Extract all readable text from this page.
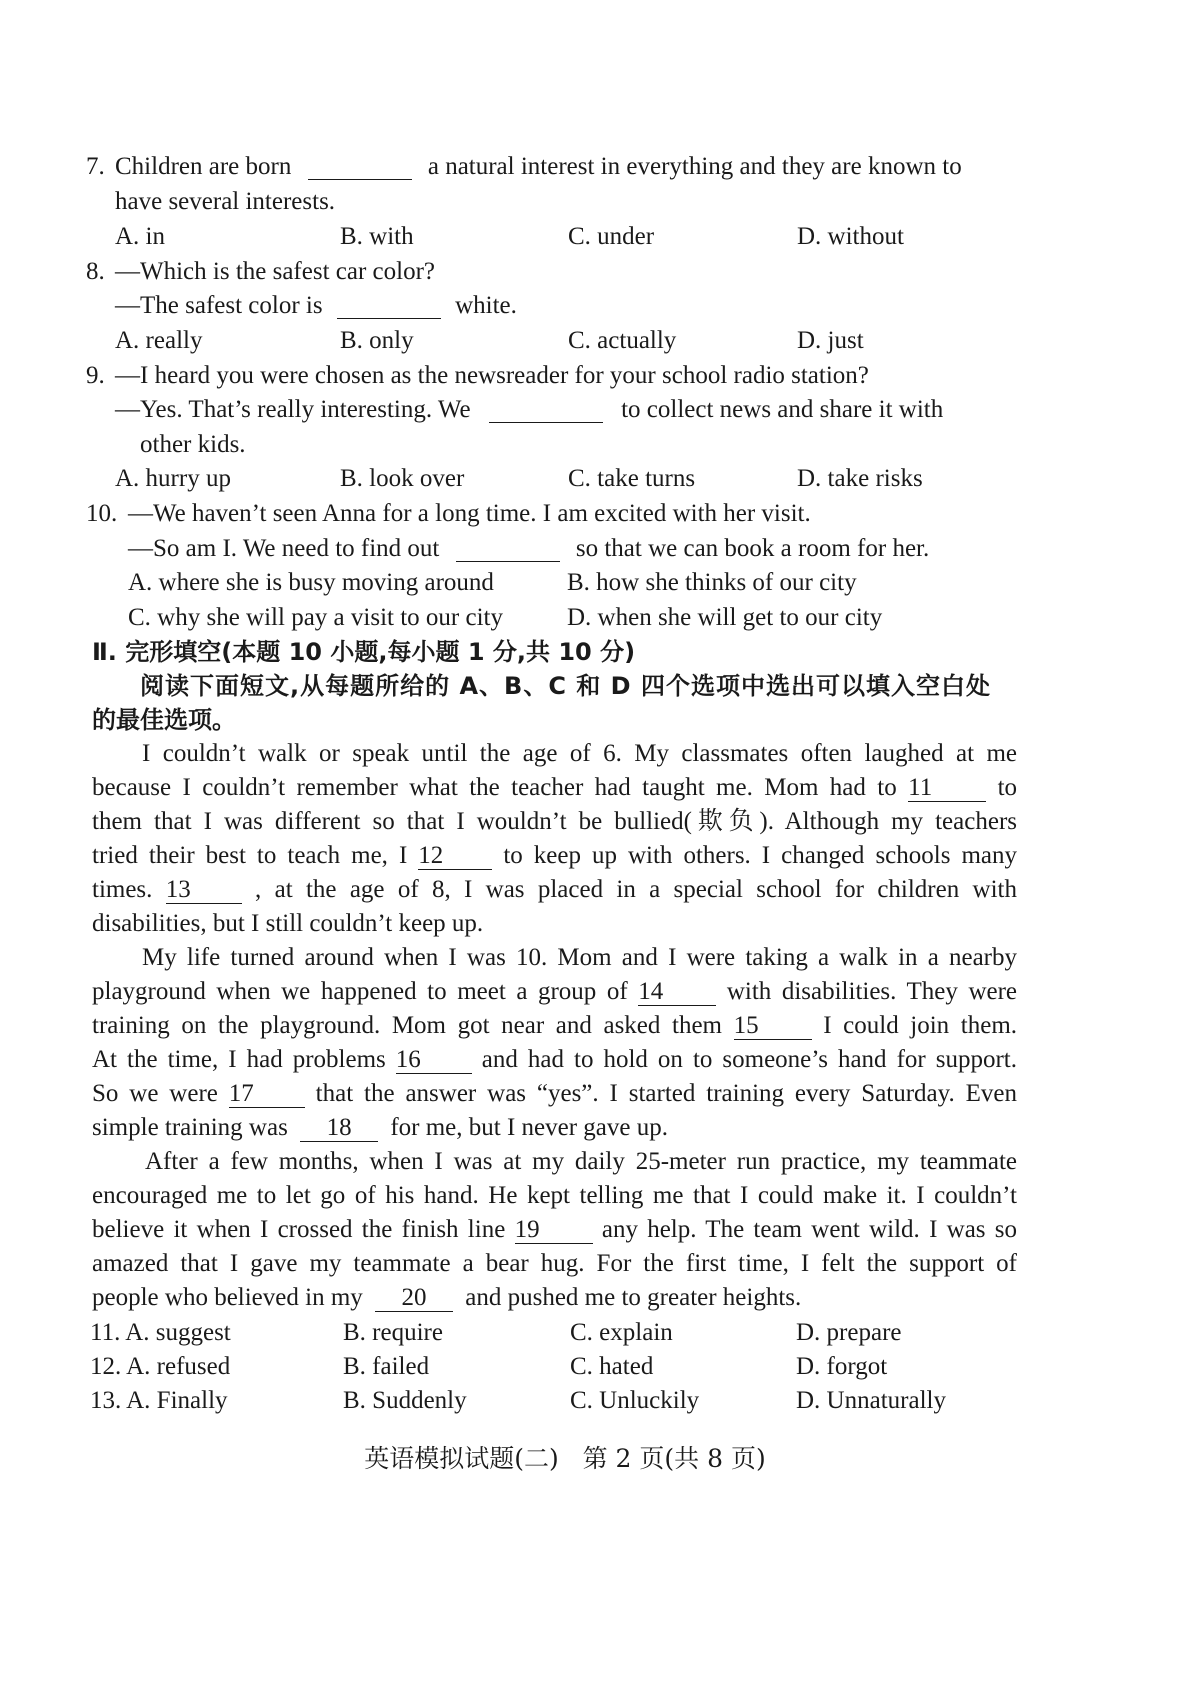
7. Children are born	a natural interest in everything and they are known to
have several interests.
A. in	B. with	C. under	D. without
8. —Which is the safest car color?
—The safest color is	white.
A. really	B. only	C. actually	D. just
9. —I heard you were chosen as the newsreader for your school radio station?
—Yes. That’s really interesting. We	to collect news and share it with
other kids.
A. hurry up	B. look over	C. take turns	D. take risks
10. —We haven’t seen Anna for a long time. I am excited with her visit.
—So am I. We need to find out	so that we can book a room for her.
A. where she is busy moving around	B. how she thinks of our city
C. why she will pay a visit to our city	D. when she will get to our city
Ⅱ. 完形填空(本题 10 小题,每小题 1 分,共 10 分)
阅读下面短文,从每题所给的 A、B、C 和 D 四个选项中选出可以填入空白处
的最佳选项。
I couldn’t walk or speak until the age of 6. My classmates often laughed at me
because I couldn’t remember what the teacher had taught me. Mom had to 11	to
them that I was different so that I wouldn’t be bullied(欺负). Although my teachers
tried their best to teach me, I 12 to keep up with others. I changed schools many
times. 13	, at the age of 8, I was placed in a special school for children with
disabilities, but I still couldn’t keep up.
My life turned around when I was 10. Mom and I were taking a walk in a nearby
playground when we happened to meet a group of 14	with disabilities. They were
training on the playground. Mom got near and asked them 15	I could join them.
At the time, I had problems 16 and had to hold on to someone’s hand for support.
So we were 17 that the answer was “yes”. I started training every Saturday. Even
simple training was 18 for me, but I never gave up.
After a few months, when I was at my daily 25-meter run practice, my teammate
encouraged me to let go of his hand. He kept telling me that I could make it. I couldn’t
believe it when I crossed the finish line 19 any help. The team went wild. I was so
amazed that I gave my teammate a bear hug. For the first time, I felt the support of
people who believed in my 20 and pushed me to greater heights.
11. A. suggest	B. require	C. explain	D. prepare
12. A. refused	B. failed	C. hated	D. forgot
13. A. Finally	B. Suddenly	C. Unluckily	D. Unnaturally
英语模拟试题(二)   第 2 页(共 8 页)
